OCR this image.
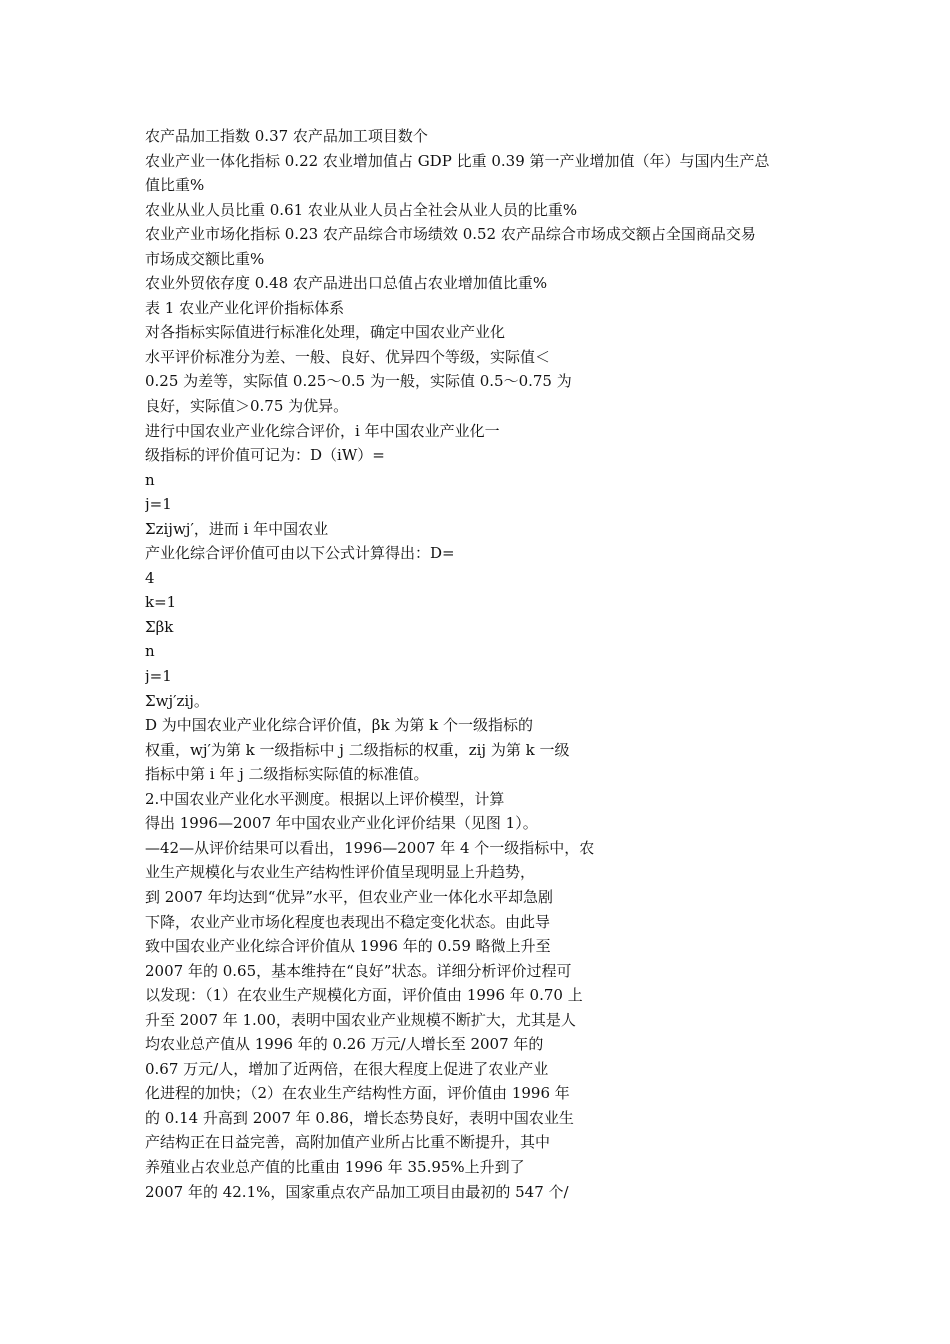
农产品加工指数 0.37 农产品加工项目数个
农业产业一体化指标 0.22 农业增加值占 GDP 比重 0.39 第一产业增加值（年）与国内生产总
值比重%
农业从业人员比重 0.61 农业从业人员占全社会从业人员的比重%
农业产业市场化指标 0.23 农产品综合市场绩效 0.52 农产品综合市场成交额占全国商品交易
市场成交额比重%
农业外贸依存度 0.48 农产品进出口总值占农业增加值比重%
表 1 农业产业化评价指标体系
对各指标实际值进行标准化处理，确定中国农业产业化
水平评价标准分为差、一般、良好、优异四个等级，实际值＜
0.25 为差等，实际值 0.25～0.5 为一般，实际值 0.5～0.75 为
良好，实际值＞0.75 为优异。
进行中国农业产业化综合评价，i 年中国农业产业化一
级指标的评价值可记为：D（iW）=
n
j=1
Σzijwj′，进而 i 年中国农业
产业化综合评价值可由以下公式计算得出：D=
4
k=1
Σβk
n
j=1
Σwj′zij。
D 为中国农业产业化综合评价值，βk 为第 k 个一级指标的
权重，wj′为第 k 一级指标中 j 二级指标的权重，zij 为第 k 一级
指标中第 i 年 j 二级指标实际值的标准值。
2.中国农业产业化水平测度。根据以上评价模型，计算
得出 1996—2007 年中国农业产业化评价结果（见图 1）。
—42—从评价结果可以看出，1996—2007 年 4 个一级指标中，农
业生产规模化与农业生产结构性评价值呈现明显上升趋势，
到 2007 年均达到“优异”水平，但农业产业一体化水平却急剧
下降，农业产业市场化程度也表现出不稳定变化状态。由此导
致中国农业产业化综合评价值从 1996 年的 0.59 略微上升至
2007 年的 0.65，基本维持在“良好”状态。详细分析评价过程可
以发现：（1）在农业生产规模化方面，评价值由 1996 年 0.70 上
升至 2007 年 1.00，表明中国农业产业规模不断扩大，尤其是人
均农业总产值从 1996 年的 0.26 万元/人增长至 2007 年的
0.67 万元/人，增加了近两倍，在很大程度上促进了农业产业
化进程的加快；（2）在农业生产结构性方面，评价值由 1996 年
的 0.14 升高到 2007 年 0.86，增长态势良好，表明中国农业生
产结构正在日益完善，高附加值产业所占比重不断提升，其中
养殖业占农业总产值的比重由 1996 年 35.95%上升到了
2007 年的 42.1%，国家重点农产品加工项目由最初的 547 个/
